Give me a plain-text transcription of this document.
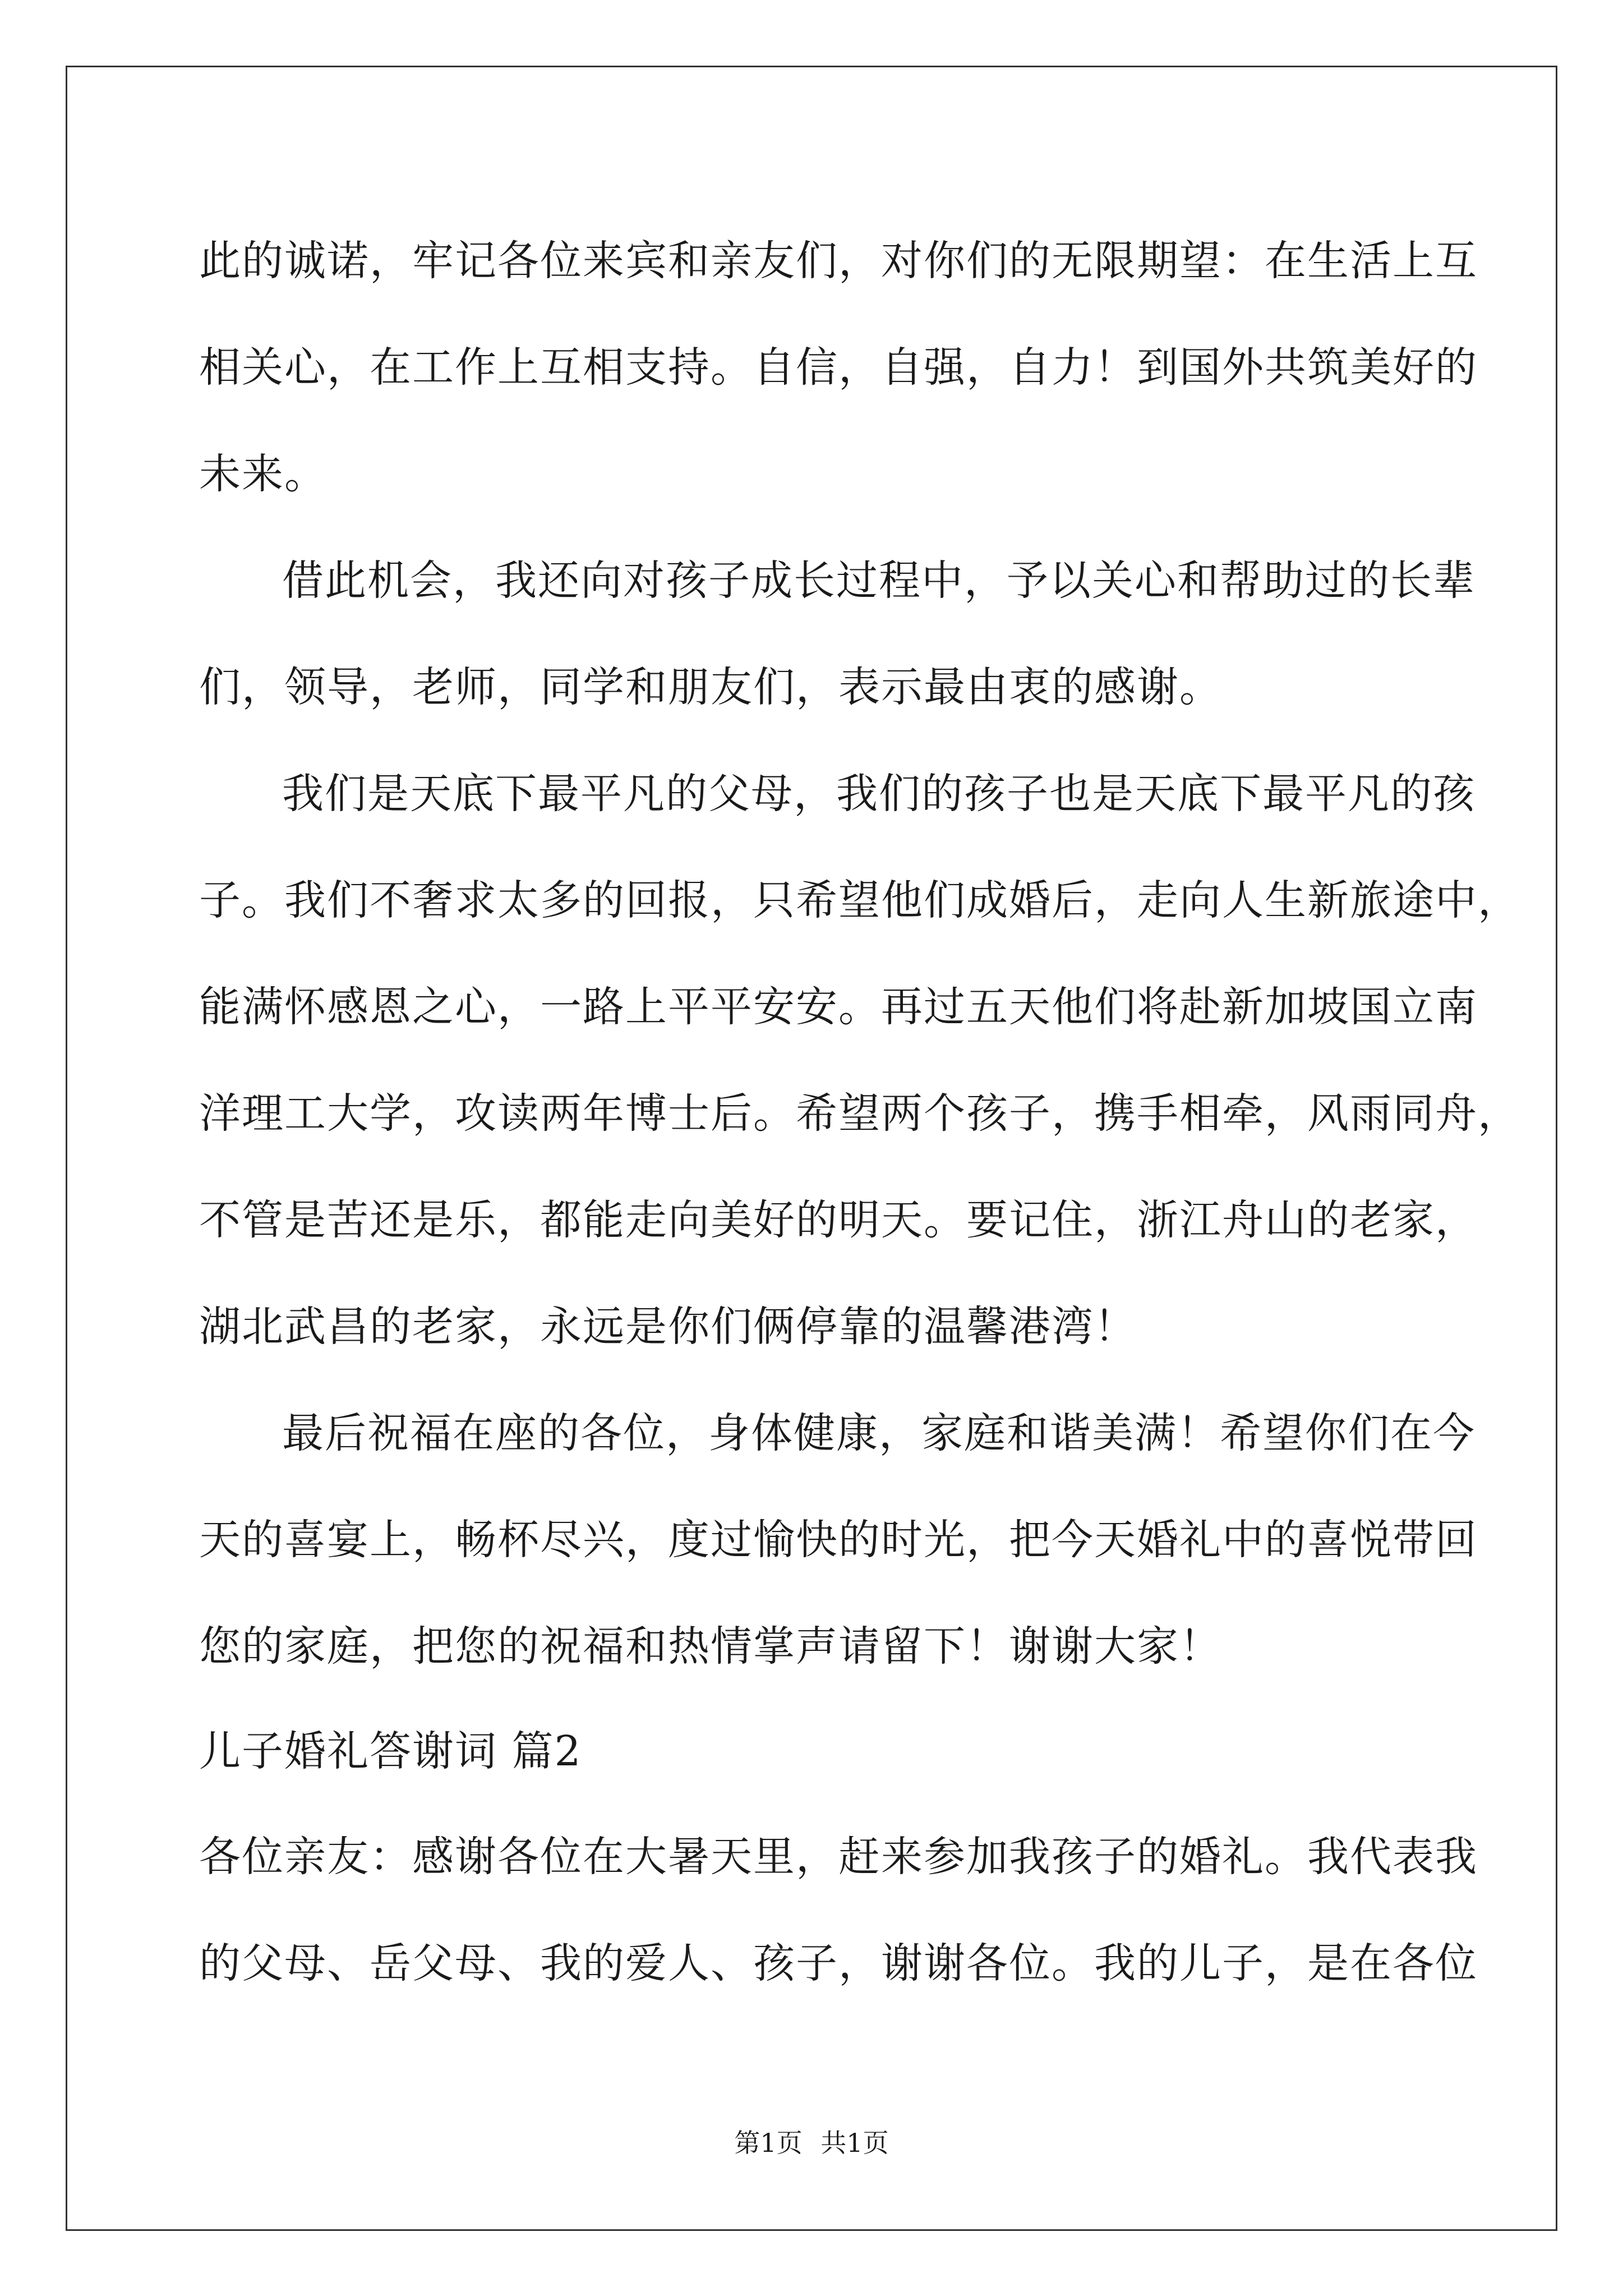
此的诚诺，牢记各位来宾和亲友们，对你们的无限期望：在生活上互
相关心，在工作上互相支持。自信，自强，自力！到国外共筑美好的
未来。
借此机会，我还向对孩子成长过程中，予以关心和帮助过的长辈
们，领导，老师，同学和朋友们，表示最由衷的感谢。
我们是天底下最平凡的父母，我们的孩子也是天底下最平凡的孩
子。我们不奢求太多的回报，只希望他们成婚后，走向人生新旅途中，
能满怀感恩之心，一路上平平安安。再过五天他们将赴新加坡国立南
洋理工大学，攻读两年博士后。希望两个孩子，携手相牵，风雨同舟，
不管是苦还是乐，都能走向美好的明天。要记住，浙江舟山的老家，
湖北武昌的老家，永远是你们俩停靠的温馨港湾！
最后祝福在座的各位，身体健康，家庭和谐美满！希望你们在今
天的喜宴上，畅杯尽兴，度过愉快的时光，把今天婚礼中的喜悦带回
您的家庭，把您的祝福和热情掌声请留下！谢谢大家！
儿子婚礼答谢词 篇2
各位亲友：感谢各位在大暑天里，赶来参加我孩子的婚礼。我代表我
的父母、岳父母、我的爱人、孩子，谢谢各位。我的儿子，是在各位
第1页 共1页
